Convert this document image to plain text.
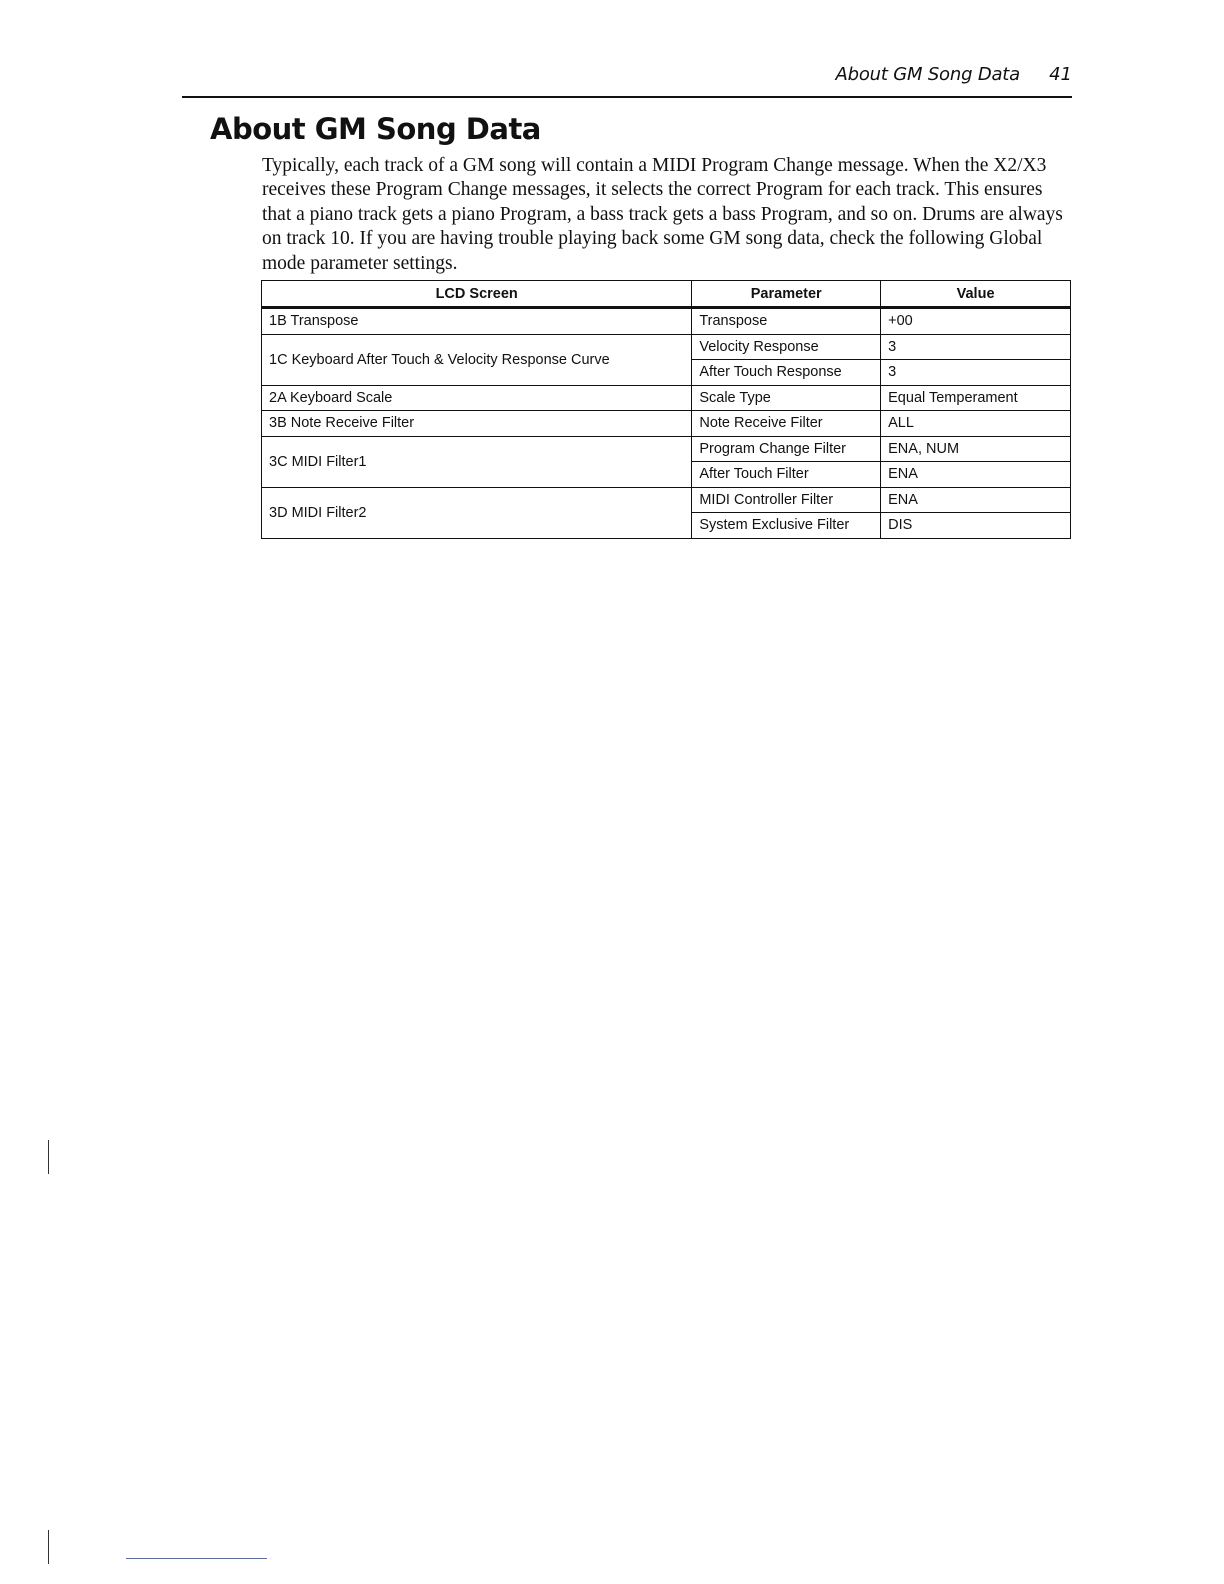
About GM Song Data 41
About GM Song Data

Typically, each track of a GM song will contain a MIDI Program Change message. When the X2/X3 receives these Program Change messages, it selects the correct Program for each track. This ensures that a piano track gets a piano Program, a bass track gets a bass Program, and so on. Drums are always on track 10. If you are having trouble playing back some GM song data, check the following Global mode parameter settings.

LCD Screen	Parameter	Value
1B Transpose	Transpose	+00
1C Keyboard After Touch & Velocity Response Curve	Velocity Response	3
	After Touch Response	3
2A Keyboard Scale	Scale Type	Equal Temperament
3B Note Receive Filter	Note Receive Filter	ALL
3C MIDI Filter1	Program Change Filter	ENA, NUM
	After Touch Filter	ENA
3D MIDI Filter2	MIDI Controller Filter	ENA
	System Exclusive Filter	DIS
